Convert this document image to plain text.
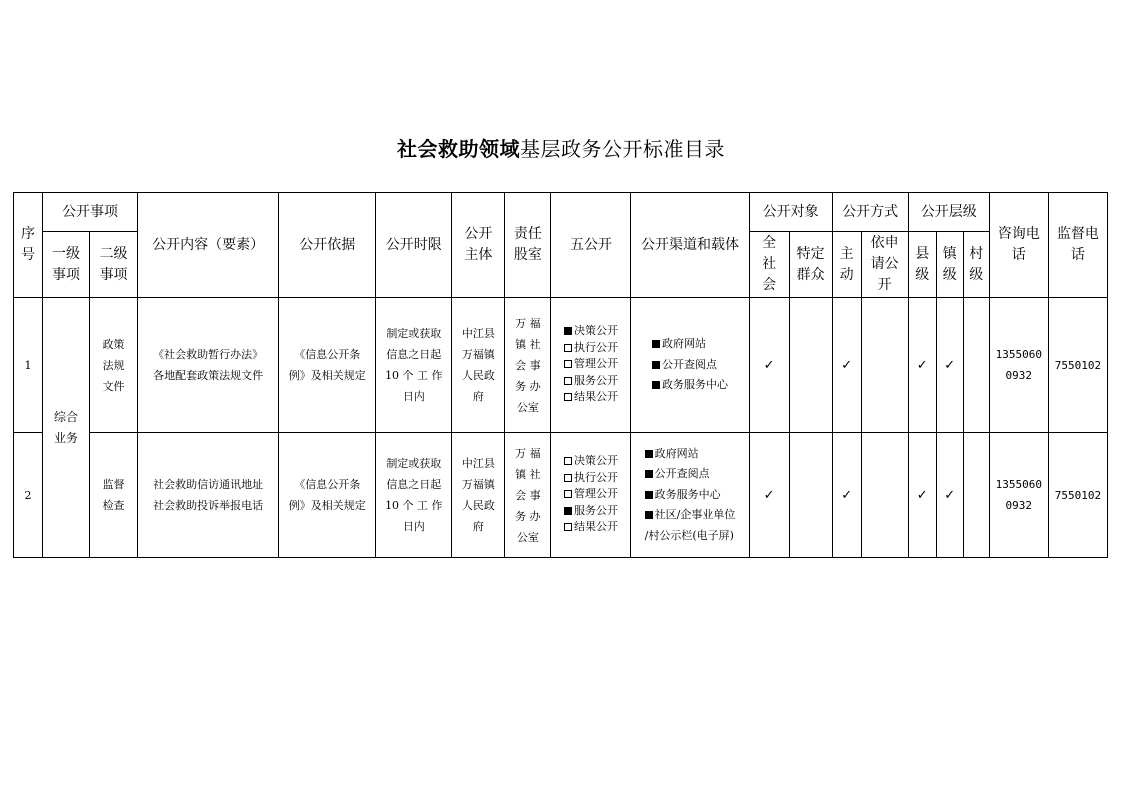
社会救助领域基层政务公开标准目录
序
号	公开事项		公开内容（要素）	公开依据	公开时限	公开
主体	责任
股室	五公开	公开渠道和载体	公开对象		公开方式		公开层级			咨询电
话	监督电
话
	一级
事项	二级
事项								全
社
会	特定
群众	主
动	依申
请公
开	县
级	镇
级	村
级		
1	综合
业务	政策
法规
文件	《社会救助暂行办法》
各地配套政策法规文件	《信息公开条
例》及相关规定	制定或获取
信息之日起
10 个 工 作
日内	中江县
万福镇
人民政
府	万 福
镇 社
会 事
务 办
公室	决策公开
执行公开
管理公开
服务公开
结果公开	政府网站
公开查阅点
政务服务中心	✓		✓		✓	✓		1355060
0932	7550102
2		监督
检查	社会救助信访通讯地址
社会救助投诉举报电话	《信息公开条
例》及相关规定	制定或获取
信息之日起
10 个 工 作
日内	中江县
万福镇
人民政
府	万 福
镇 社
会 事
务 办
公室	决策公开
执行公开
管理公开
服务公开
结果公开	政府网站
公开查阅点
政务服务中心
社区/企事业单位
/村公示栏(电子屏)	✓		✓		✓	✓		1355060
0932	7550102
